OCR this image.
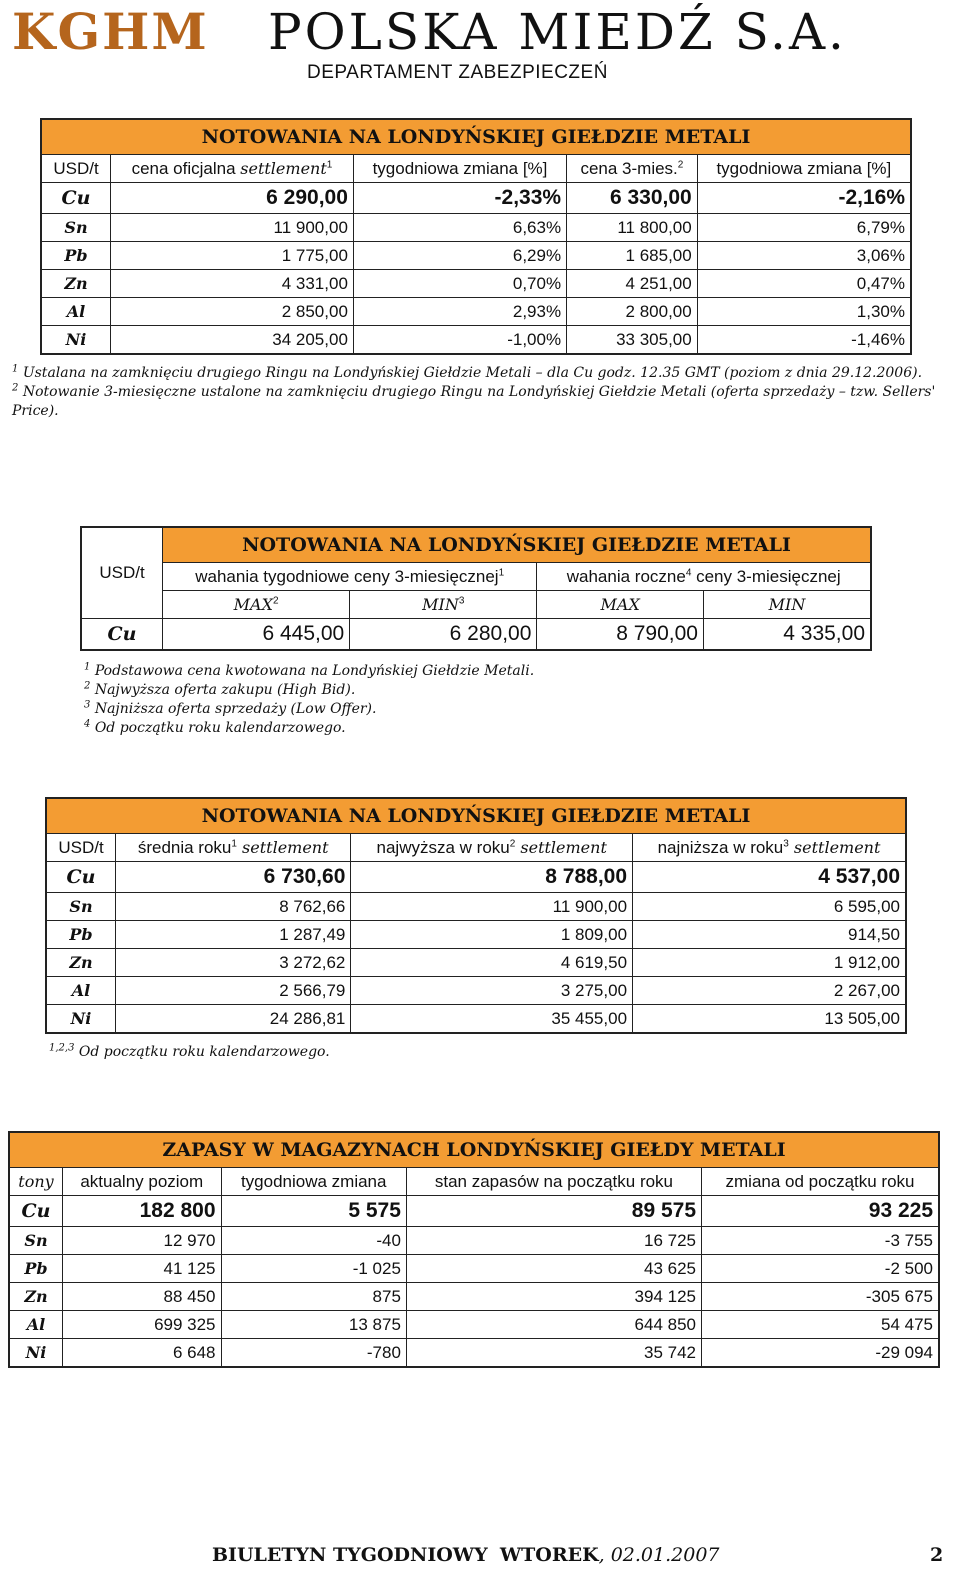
KGHM POLSKA MIEDŹ S.A.
DEPARTAMENT ZABEZPIECZEŃ
NOTOWANIA NA LONDYŃSKIEJ GIEŁDZIE METALI				
USD/t	cena oficjalna settlement$^1$	tygodniowa zmiana [%]	cena 3-mies.$^2$	tygodniowa zmiana [%]
Cu	6 290,00	-2,33%	6 330,00	-2,16%
Sn	11 900,00	6,63%	11 800,00	6,79%
Pb	1 775,00	6,29%	1 685,00	3,06%
Zn	4 331,00	0,70%	4 251,00	0,47%
Al	2 850,00	2,93%	2 800,00	1,30%
Ni	34 205,00	-1,00%	33 305,00	-1,46%
$^1$ Ustalana na zamknięciu drugiego Ringu na Londyńskiej Giełdzie Metali – dla Cu godz. 12.35 GMT (poziom z dnia 29.12.2006).
$^2$ Notowanie 3-miesięczne ustalone na zamknięciu drugiego Ringu na Londyńskiej Giełdzie Metali (oferta sprzedaży – tzw. Sellers' Price).
USD/t	NOTOWANIA NA LONDYŃSKIEJ GIEŁDZIE METALI			
	wahania tygodniowe ceny 3-miesięcznej$^1$		wahania roczne$^4$ ceny 3-miesięcznej	
	MAX$^2$	MIN$^3$	MAX	MIN
Cu	6 445,00	6 280,00	8 790,00	4 335,00
$^1$ Podstawowa cena kwotowana na Londyńskiej Giełdzie Metali.
$^2$ Najwyższa oferta zakupu (High Bid).
$^3$ Najniższa oferta sprzedaży (Low Offer).
$^4$ Od początku roku kalendarzowego.
NOTOWANIA NA LONDYŃSKIEJ GIEŁDZIE METALI			
USD/t	średnia roku$^1$ settlement	najwyższa w roku$^2$ settlement	najniższa w roku$^3$ settlement
Cu	6 730,60	8 788,00	4 537,00
Sn	8 762,66	11 900,00	6 595,00
Pb	1 287,49	1 809,00	914,50
Zn	3 272,62	4 619,50	1 912,00
Al	2 566,79	3 275,00	2 267,00
Ni	24 286,81	35 455,00	13 505,00
$^{1,2,3}$ Od początku roku kalendarzowego.
ZAPASY W MAGAZYNACH LONDYŃSKIEJ GIEŁDY METALI				
tony	aktualny poziom	tygodniowa zmiana	stan zapasów na początku roku	zmiana od początku roku
Cu	182 800	5 575	89 575	93 225
Sn	12 970	-40	16 725	-3 755
Pb	41 125	-1 025	43 625	-2 500
Zn	88 450	875	394 125	-305 675
Al	699 325	13 875	644 850	54 475
Ni	6 648	-780	35 742	-29 094
BIULETYN TYGODNIOWY WTOREK, 02.01.2007	2
